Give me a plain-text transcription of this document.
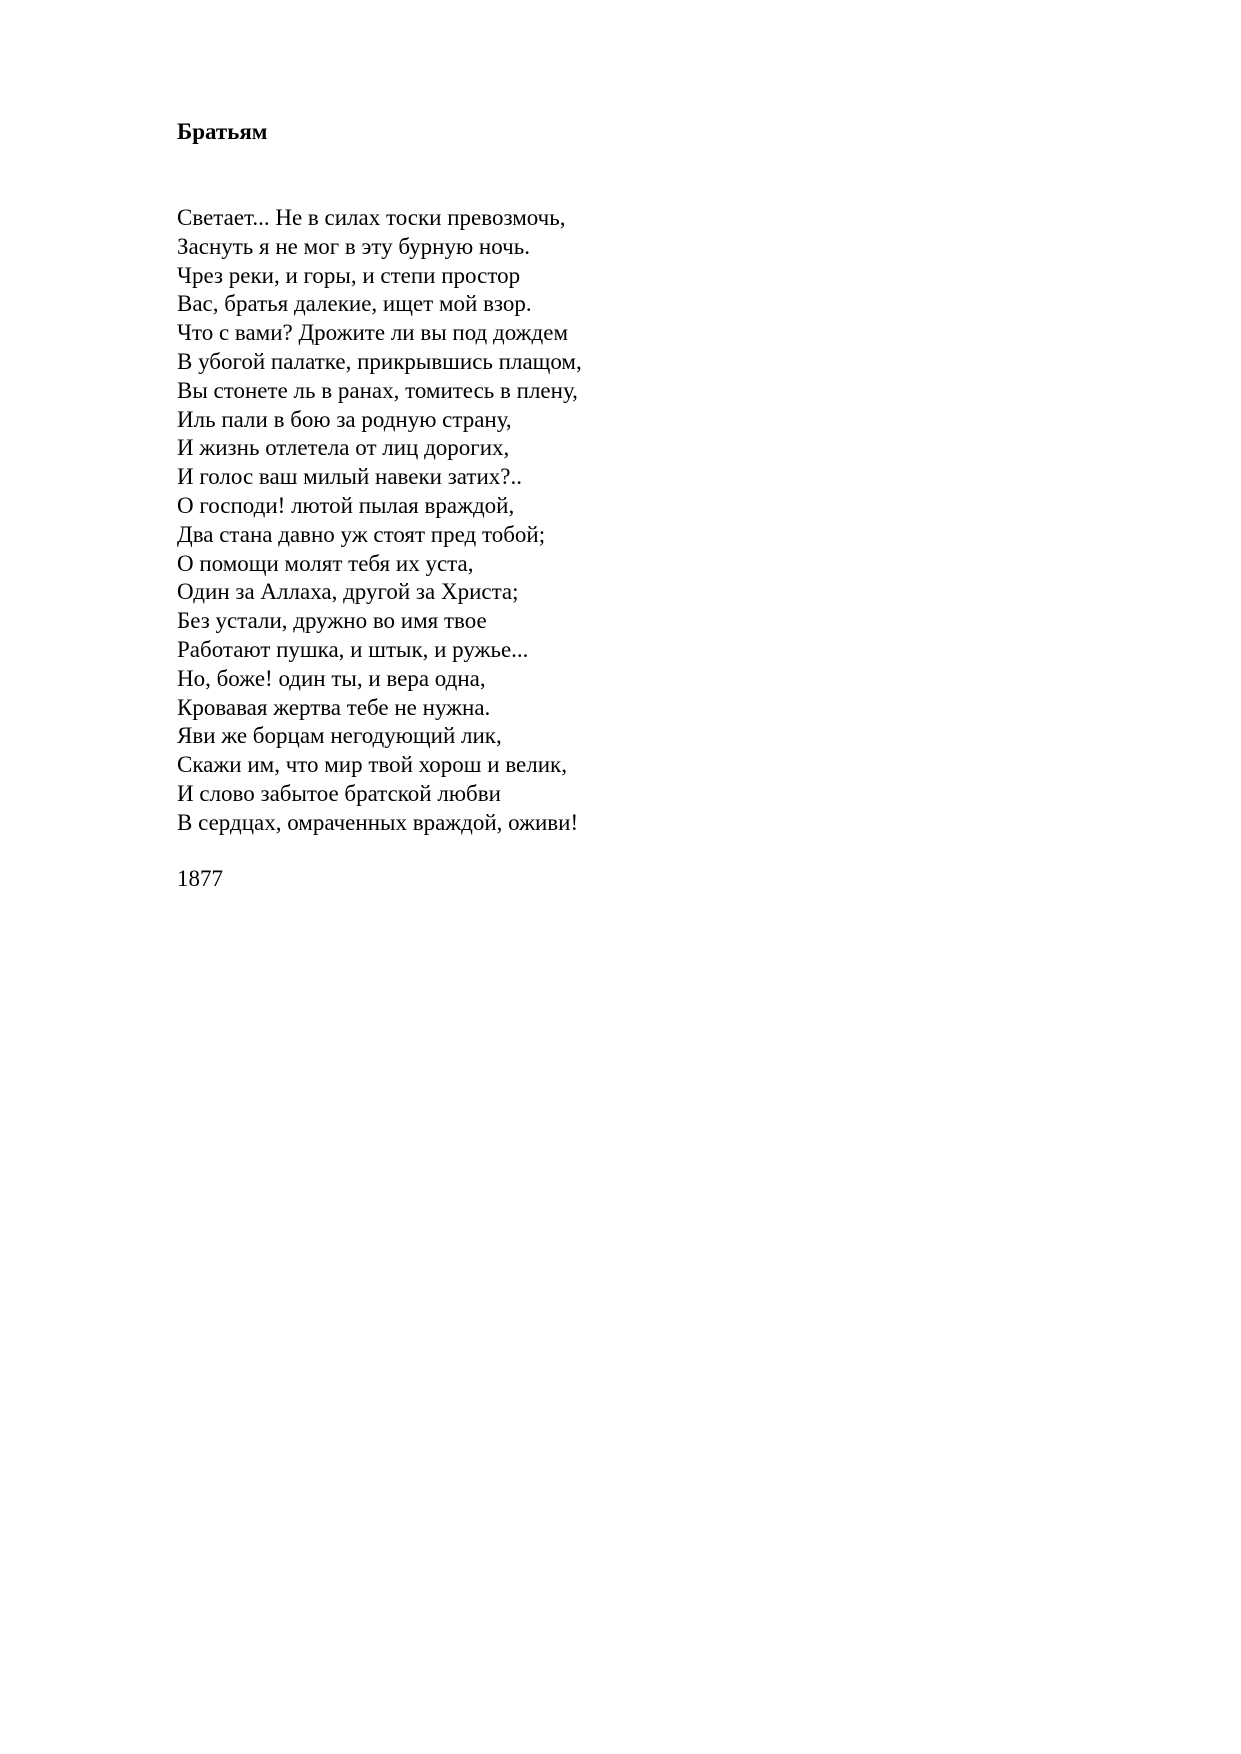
Братьям
Светает... Не в силах тоски превозмочь,
Заснуть я не мог в эту бурную ночь.
Чрез реки, и горы, и степи простор
Вас, братья далекие, ищет мой взор.
Что с вами? Дрожите ли вы под дождем
В убогой палатке, прикрывшись плащом,
Вы стонете ль в ранах, томитесь в плену,
Иль пали в бою за родную страну,
И жизнь отлетела от лиц дорогих,
И голос ваш милый навеки затих?..
О господи! лютой пылая враждой,
Два стана давно уж стоят пред тобой;
О помощи молят тебя их уста,
Один за Аллаха, другой за Христа;
Без устали, дружно во имя твое
Работают пушка, и штык, и ружье...
Но, боже! один ты, и вера одна,
Кровавая жертва тебе не нужна.
Яви же борцам негодующий лик,
Скажи им, что мир твой хорош и велик,
И слово забытое братской любви
В сердцах, омраченных враждой, оживи!

1877
